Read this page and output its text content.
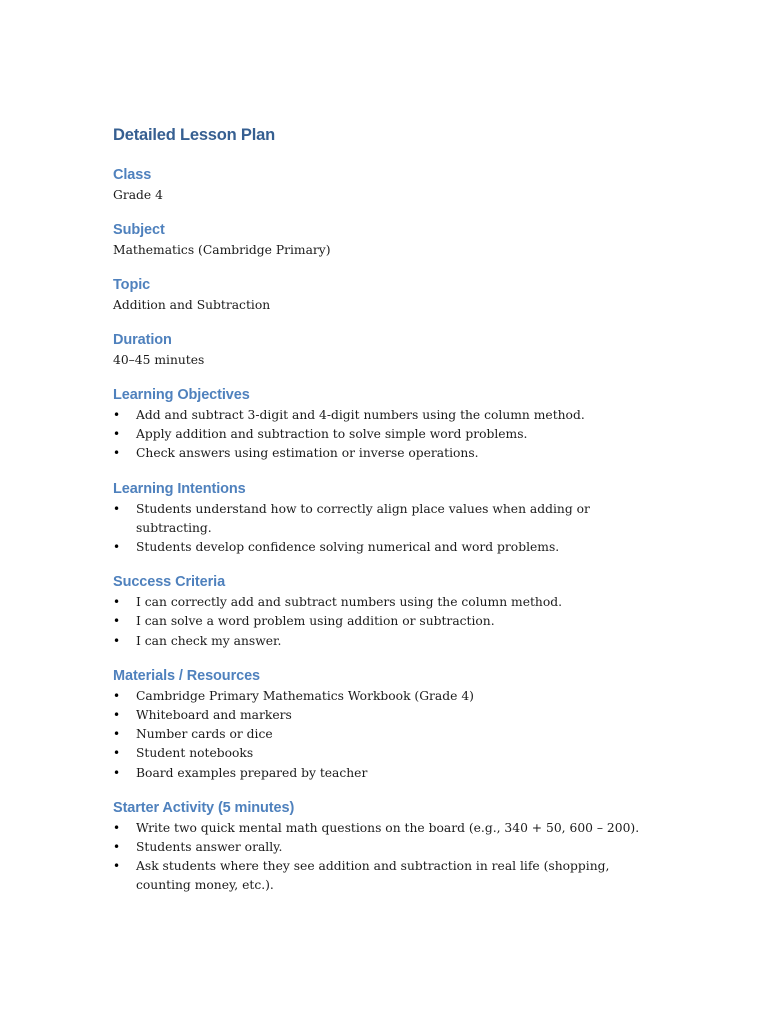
Detailed Lesson Plan
Class

Grade 4

Subject

Mathematics (Cambridge Primary)

Topic

Addition and Subtraction

Duration

40–45 minutes

Learning Objectives
• Add and subtract 3-digit and 4-digit numbers using the column method.
• Apply addition and subtraction to solve simple word problems.
• Check answers using estimation or inverse operations.
Learning Intentions
• Students understand how to correctly align place values when adding or subtracting.
• Students develop confidence solving numerical and word problems.
Success Criteria
• I can correctly add and subtract numbers using the column method.
• I can solve a word problem using addition or subtraction.
• I can check my answer.
Materials / Resources
• Cambridge Primary Mathematics Workbook (Grade 4)
• Whiteboard and markers
• Number cards or dice
• Student notebooks
• Board examples prepared by teacher
Starter Activity (5 minutes)
• Write two quick mental math questions on the board (e.g., 340 + 50, 600 – 200).
• Students answer orally.
• Ask students where they see addition and subtraction in real life (shopping, counting money, etc.).
